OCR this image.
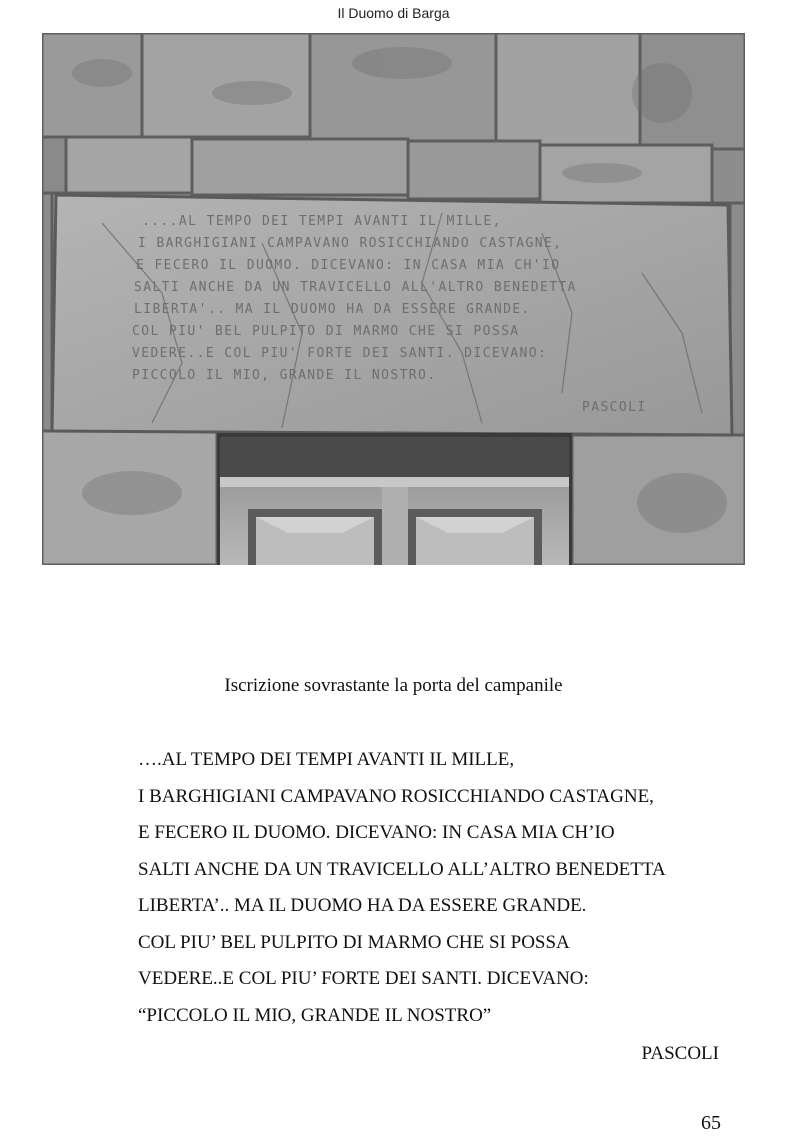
Il Duomo di Barga
....AL TEMPO DEI TEMPI AVANTI IL MILLE,
I BARGHIGIANI CAMPAVANO ROSICCHIANDO CASTAGNE,
E FECERO IL DUOMO. DICEVANO: IN CASA MIA CH'IO
SALTI ANCHE DA UN TRAVICELLO ALL'ALTRO BENEDETTA
LIBERTA'.. MA IL DUOMO HA DA ESSERE GRANDE.
COL PIU' BEL PULPITO DI MARMO CHE SI POSSA
VEDERE..E COL PIU' FORTE DEI SANTI. DICEVANO:
PICCOLO IL MIO, GRANDE IL NOSTRO.
PASCOLI
Iscrizione sovrastante la porta del campanile
….AL TEMPO DEI TEMPI AVANTI IL MILLE,
I BARGHIGIANI CAMPAVANO ROSICCHIANDO CASTAGNE,
E FECERO IL DUOMO. DICEVANO: IN CASA MIA CH’IO
SALTI ANCHE DA UN TRAVICELLO ALL’ALTRO BENEDETTA
LIBERTA’.. MA IL DUOMO HA DA ESSERE GRANDE.
COL PIU’ BEL PULPITO DI MARMO CHE SI POSSA
VEDERE..E COL PIU’ FORTE DEI SANTI. DICEVANO:
“PICCOLO IL MIO, GRANDE IL NOSTRO”
PASCOLI
65
